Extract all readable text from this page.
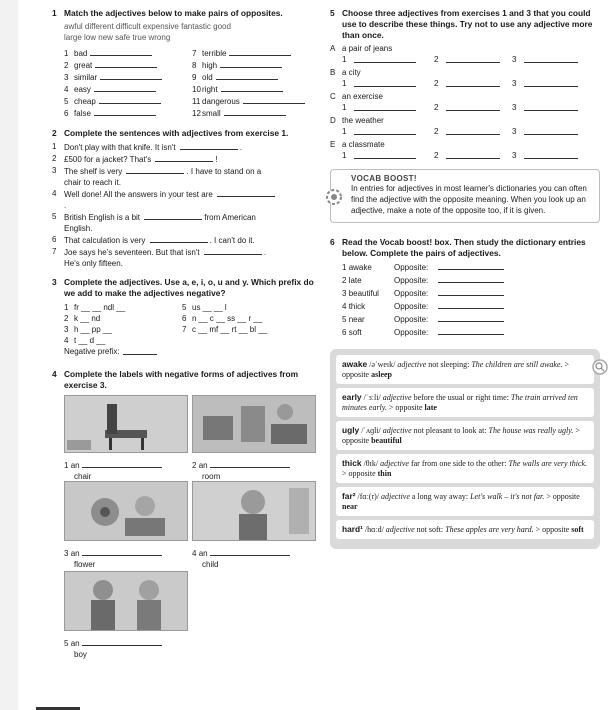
1 Match the adjectives below to make pairs of opposites.
awful different difficult expensive fantastic good
large low new safe true wrong
1 bad	7 terrible
2 great	8 high
3 similar	9 old
4 easy	10right
5 cheap	11 dangerous
6 false	12small
2 Complete the sentences with adjectives from exercise 1.
1 Don't play with that knife. It isn't	.
2 £500 for a jacket? That's	!
3 The shelf is very	. I have to stand on a
chair to reach it.
4 Well done! All the answers in your test are
.
5 British English is a bit	from American
English.
6 That calculation is very	. I can't do it.
7 Joe says he's seventeen. But that isn't	.
He's only fifteen.
3 Complete the adjectives. Use a, e, i, o, u and y. Which prefix do we add to make the adjectives negative?
1 fr __ __ ndl __	5 us __ __ l
2 k __ nd	6 n __ c __ ss __ r __
3 h __ pp __	7 c __ mf __ rt __ bl __
4 t __ d __
Negative prefix:
4 Complete the labels with negative forms of adjectives from exercise 3.
1 an
chair
2 an
room
3 an
flower
4 an
child
5 an
boy
5 Choose three adjectives from exercises 1 and 3 that you could use to describe these things. Try not to use any adjective more than once.
A a pair of jeans
1	2	3
B a city
1	2	3
C an exercise
1	2	3
D the weather
1	2	3
E a classmate
1	2	3
VOCAB BOOST!
In entries for adjectives in most learner's dictionaries you can often find the adjective with the opposite meaning. When you look up an adjective, make a note of the opposite too, if it is given.
6 Read the Vocab boost! box. Then study the dictionary entries below. Complete the pairs of adjectives.
1 awake	Opposite:
2 late	Opposite:
3 beautiful	Opposite:
4 thick	Opposite:
5 near	Opposite:
6 soft	Opposite:
awake /əˈweɪk/ adjective not sleeping: The children are still awake. > opposite asleep
early /ˈɜːli/ adjective before the usual or right time: The train arrived ten minutes early. > opposite late
ugly /ˈʌɡli/ adjective not pleasant to look at: The house was really ugly. > opposite beautiful
thick /θɪk/ adjective far from one side to the other: The walls are very thick. > opposite thin
far² /fɑː(r)/ adjective a long way away: Let's walk – it's not far. > opposite near
hard¹ /hɑːd/ adjective not soft: These apples are very hard. > opposite soft
